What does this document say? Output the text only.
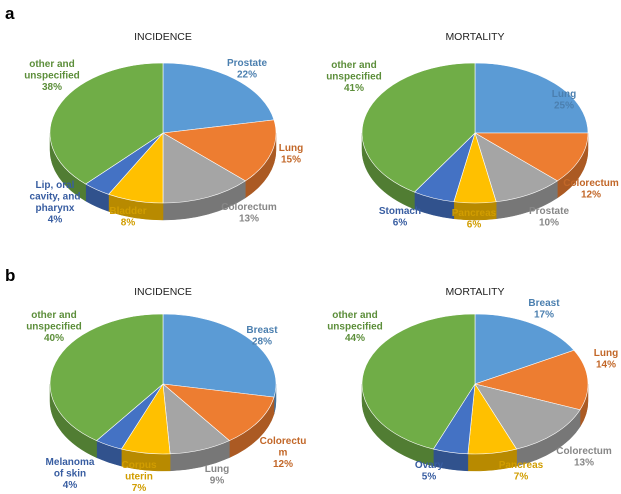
a
b
INCIDENCE	MORTALITY
INCIDENCE	MORTALITY
Prostate 22%
Lung 15%
Colorectum 13%
Bladder 8%
Lip, oral cavity, and pharynx 4%
other and unspecified 38%
Lung 25%
Colorectum 12%
Prostate 10%
Pancreas 6%
Stomach 6%
other and unspecified 41%
Breast 28%
Colorectu m 12%
Lung 9%
Corpus uterin 7%
Melanoma of skin 4%
other and unspecified 40%
Breast 17%
Lung 14%
Colorectum 13%
Pancreas 7%
Ovary 5%
other and unspecified 44%
